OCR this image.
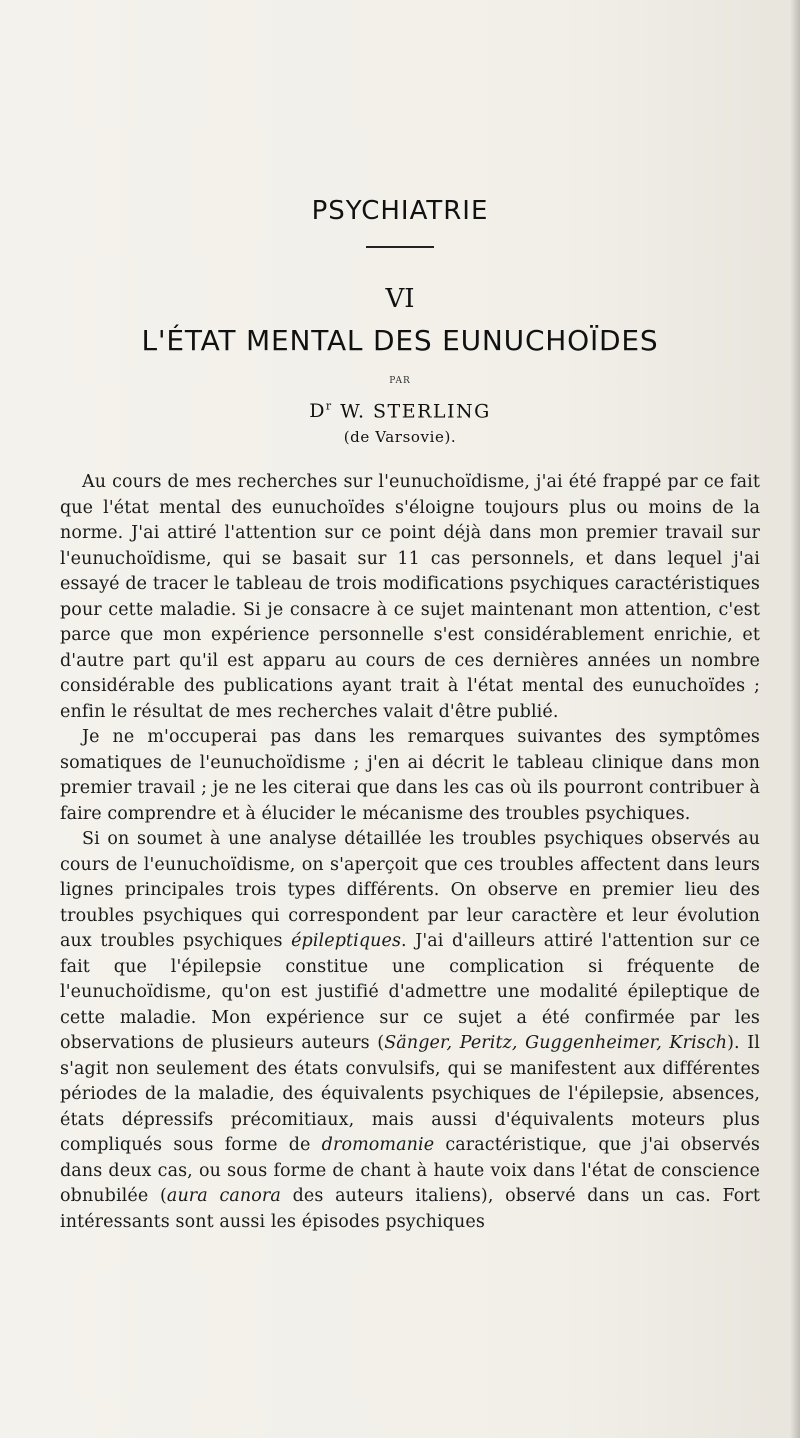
PSYCHIATRIE
VI
L'ÉTAT MENTAL DES EUNUCHOÏDES
PAR
$D^r$ W. STERLING
(de Varsovie).

Au cours de mes recherches sur l'eunuchoïdisme, j'ai été frappé par ce fait que l'état mental des eunuchoïdes s'éloigne toujours plus ou moins de la norme. J'ai attiré l'attention sur ce point déjà dans mon premier travail sur l'eunuchoïdisme, qui se basait sur 11 cas personnels, et dans lequel j'ai essayé de tracer le tableau de trois modifications psychiques caractéristiques pour cette maladie. Si je consacre à ce sujet maintenant mon attention, c'est parce que mon expérience personnelle s'est considérablement enrichie, et d'autre part qu'il est apparu au cours de ces dernières années un nombre considérable des publications ayant trait à l'état mental des eunuchoïdes ; enfin le résultat de mes recherches valait d'être publié.

Je ne m'occuperai pas dans les remarques suivantes des symptômes somatiques de l'eunuchoïdisme ; j'en ai décrit le tableau clinique dans mon premier travail ; je ne les citerai que dans les cas où ils pourront contribuer à faire comprendre et à élucider le mécanisme des troubles psychiques.

Si on soumet à une analyse détaillée les troubles psychiques observés au cours de l'eunuchoïdisme, on s'aperçoit que ces troubles affectent dans leurs lignes principales trois types différents. On observe en premier lieu des troubles psychiques qui correspondent par leur caractère et leur évolution aux troubles psychiques épileptiques. J'ai d'ailleurs attiré l'attention sur ce fait que l'épilepsie constitue une complication si fréquente de l'eunuchoïdisme, qu'on est justifié d'admettre une modalité épileptique de cette maladie. Mon expérience sur ce sujet a été confirmée par les observations de plusieurs auteurs (Sänger, Peritz, Guggenheimer, Krisch). Il s'agit non seulement des états convulsifs, qui se manifestent aux différentes périodes de la maladie, des équivalents psychiques de l'épilepsie, absences, états dépressifs précomitiaux, mais aussi d'équivalents moteurs plus compliqués sous forme de dromomanie caractéristique, que j'ai observés dans deux cas, ou sous forme de chant à haute voix dans l'état de conscience obnubilée (aura canora des auteurs italiens), observé dans un cas. Fort intéressants sont aussi les épisodes psychiques
